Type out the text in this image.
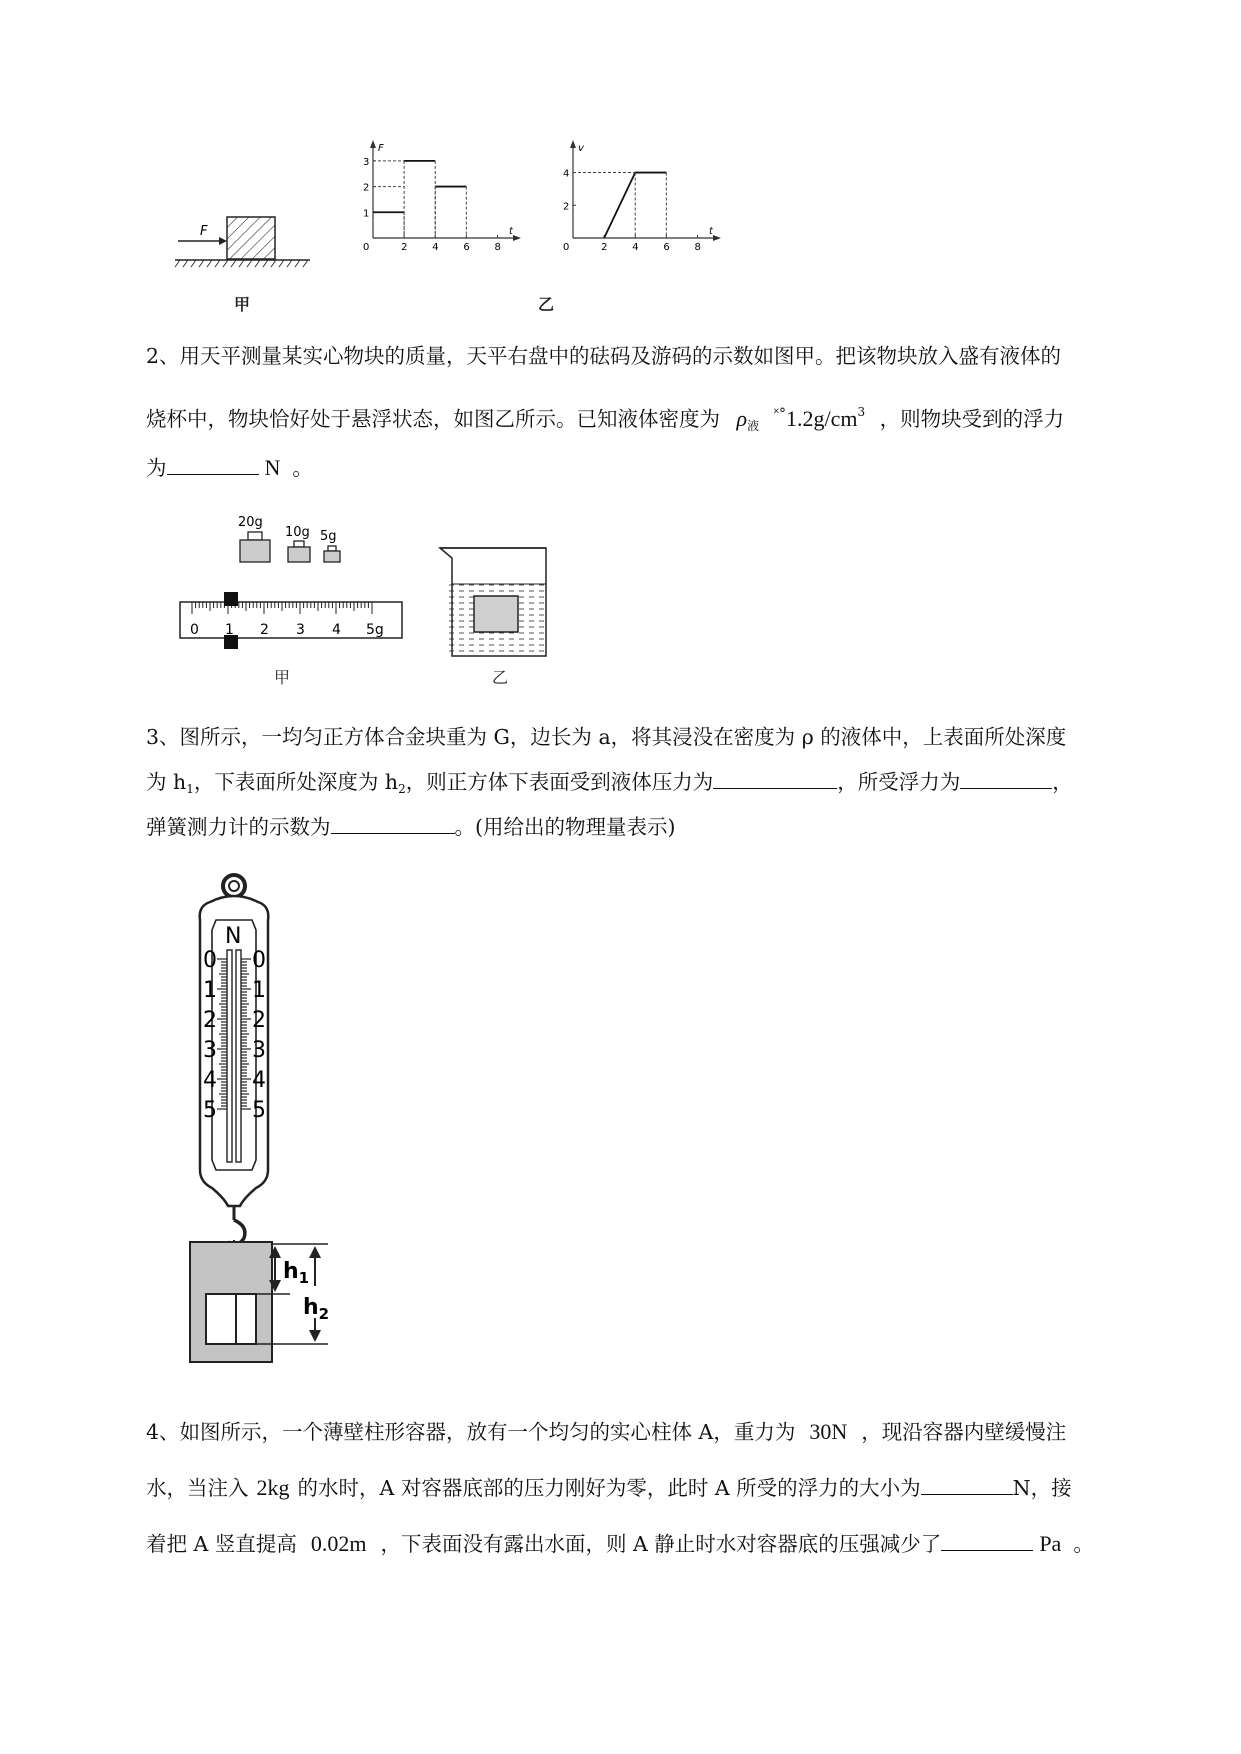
F
甲
F
t
0	2 4 6 8
1
2
3
v
t
0	2 4 6 8
2
4
乙
2、用天平测量某实心物块的质量，天平右盘中的砝码及游码的示数如图甲。把该物块放入盛有液体的
烧杯中，物块恰好处于悬浮状态，如图乙所示。已知液体密度为 $\rho_液$ $^{˟^\circ}1.2g/cm^3$ ，则物块受到的浮力
为	N 。
20g
10g 5g
0 1 2 3 4 5g
甲	乙
3、图所示，一均匀正方体合金块重为 G，边长为 a，将其浸没在密度为 ρ 的液体中，上表面所处深度
为 $h_1$，下表面所处深度为 $h_2$，则正方体下表面受到液体压力为	，所受浮力为	，
弹簧测力计的示数为	。(用给出的物理量表示)
N
0
1
2
3
4
5
0
1
2
3
4
5
$h_1$
$h_2$
4、如图所示，一个薄壁柱形容器，放有一个均匀的实心柱体 A，重力为 30N ，现沿容器内壁缓慢注
水，当注入 2kg 的水时，A 对容器底部的压力刚好为零，此时 A 所受的浮力的大小为	N，接
着把 A 竖直提高 0.02m ，下表面没有露出水面，则 A 静止时水对容器底的压强减少了	Pa 。
